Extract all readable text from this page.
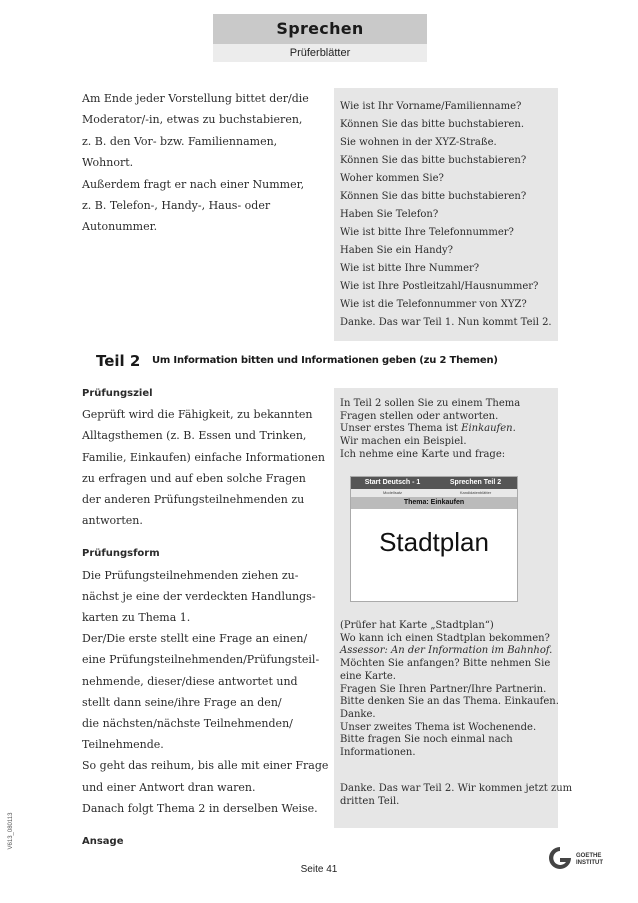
Sprechen
Prüferblätter
Am Ende jeder Vorstellung bittet der/die
Moderator/-in, etwas zu buchstabieren,
z. B. den Vor- bzw. Familiennamen,
Wohnort.
Außerdem fragt er nach einer Nummer,
z. B. Telefon-, Handy-, Haus- oder
Autonummer.
Wie ist Ihr Vorname/Familienname?
Können Sie das bitte buchstabieren.
Sie wohnen in der XYZ-Straße.
Können Sie das bitte buchstabieren?
Woher kommen Sie?
Können Sie das bitte buchstabieren?
Haben Sie Telefon?
Wie ist bitte Ihre Telefonnummer?
Haben Sie ein Handy?
Wie ist bitte Ihre Nummer?
Wie ist Ihre Postleitzahl/Hausnummer?
Wie ist die Telefonnummer von XYZ?
Danke. Das war Teil 1. Nun kommt Teil 2.
Teil 2 Um Information bitten und Informationen geben (zu 2 Themen)
Prüfungsziel
Geprüft wird die Fähigkeit, zu bekannten
Alltagsthemen (z. B. Essen und Trinken,
Familie, Einkaufen) einfache Informationen
zu erfragen und auf eben solche Fragen
der anderen Prüfungsteilnehmenden zu
antworten.
Prüfungsform
Die Prüfungsteilnehmenden ziehen zu-
nächst je eine der verdeckten Handlungs-
karten zu Thema 1.
Der/Die erste stellt eine Frage an einen/
eine Prüfungsteilnehmenden/Prüfungsteil-
nehmende, dieser/diese antwortet und
stellt dann seine/ihre Frage an den/
die nächsten/nächste Teilnehmenden/
Teilnehmende.
So geht das reihum, bis alle mit einer Frage
und einer Antwort dran waren.
Danach folgt Thema 2 in derselben Weise.
Ansage
In Teil 2 sollen Sie zu einem Thema
Fragen stellen oder antworten.
Unser erstes Thema ist Einkaufen.
Wir machen ein Beispiel.
Ich nehme eine Karte und frage:
(Prüfer hat Karte „Stadtplan“)
Wo kann ich einen Stadtplan bekommen?
Assessor: An der Information im Bahnhof.
Möchten Sie anfangen? Bitte nehmen Sie
eine Karte.
Fragen Sie Ihren Partner/Ihre Partnerin.
Bitte denken Sie an das Thema. Einkaufen.
Danke.
Unser zweites Thema ist Wochenende.
Bitte fragen Sie noch einmal nach
Informationen.
Danke. Das war Teil 2. Wir kommen jetzt zum
dritten Teil.
Start Deutsch - 1	Sprechen Teil 2
Modellsatz	Kandidatenblätter
Thema: Einkaufen
Stadtplan
V613_080113
Seite 41
GOETHE
INSTITUT
